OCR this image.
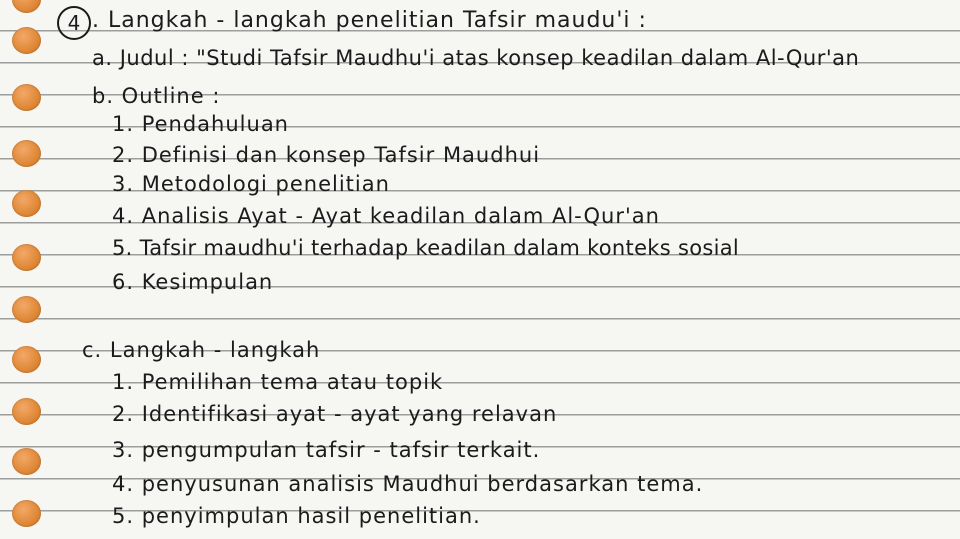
4 . Langkah - langkah penelitian Tafsir maudu'i :
a. Judul : "Studi Tafsir Maudhu'i atas konsep keadilan dalam Al-Qur'an
b. Outline :
1. Pendahuluan
2. Definisi dan konsep Tafsir Maudhui
3. Metodologi penelitian
4. Analisis Ayat - Ayat keadilan dalam Al-Qur'an
5. Tafsir maudhu'i terhadap keadilan dalam konteks sosial
6. Kesimpulan
c. Langkah - langkah
1. Pemilihan tema atau topik
2. Identifikasi ayat - ayat yang relavan
3. pengumpulan tafsir - tafsir terkait.
4. penyusunan analisis Maudhui berdasarkan tema.
5. penyimpulan hasil penelitian.
